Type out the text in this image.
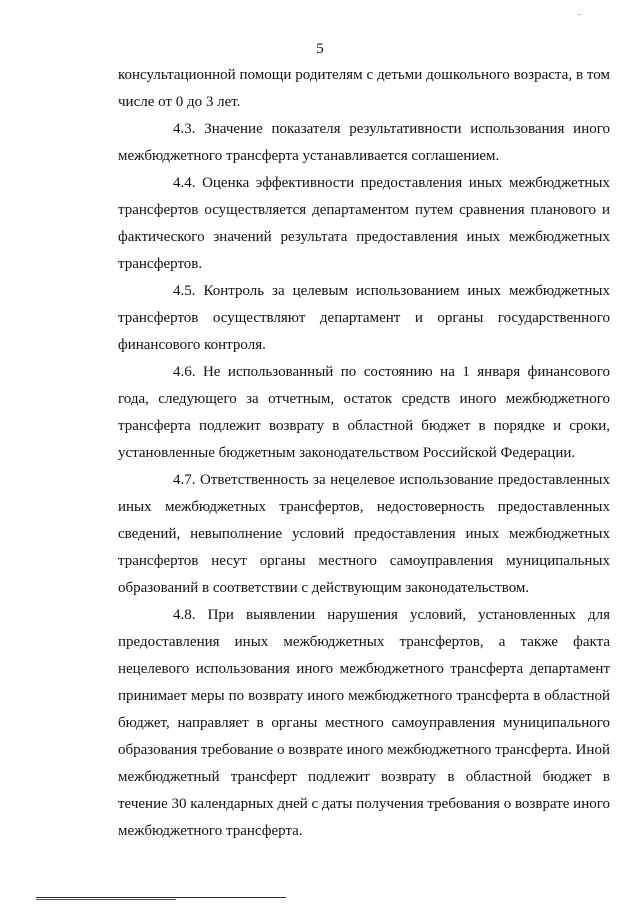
5

консультационной помощи родителям с детьми дошкольного возраста, в том числе от 0 до 3 лет.

4.3. Значение показателя результативности использования иного межбюджетного трансферта устанавливается соглашением.

4.4. Оценка эффективности предоставления иных межбюджетных трансфертов осуществляется департаментом путем сравнения планового и фактического значений результата предоставления иных межбюджетных трансфертов.

4.5. Контроль за целевым использованием иных межбюджетных трансфертов осуществляют департамент и органы государственного финансового контроля.

4.6. Не использованный по состоянию на 1 января финансового года, следующего за отчетным, остаток средств иного межбюджетного трансферта подлежит возврату в областной бюджет в порядке и сроки, установленные бюджетным законодательством Российской Федерации.

4.7. Ответственность за нецелевое использование предоставленных иных межбюджетных трансфертов, недостоверность предоставленных сведений, невыполнение условий предоставления иных межбюджетных трансфертов несут органы местного самоуправления муниципальных образований в соответствии с действующим законодательством.

4.8. При выявлении нарушения условий, установленных для предоставления иных межбюджетных трансфертов, а также факта нецелевого использования иного межбюджетного трансферта департамент принимает меры по возврату иного межбюджетного трансферта в областной бюджет, направляет в органы местного самоуправления муниципального образования требование о возврате иного межбюджетного трансферта. Иной межбюджетный трансферт подлежит возврату в областной бюджет в течение 30 календарных дней с даты получения требования о возврате иного межбюджетного трансферта.
